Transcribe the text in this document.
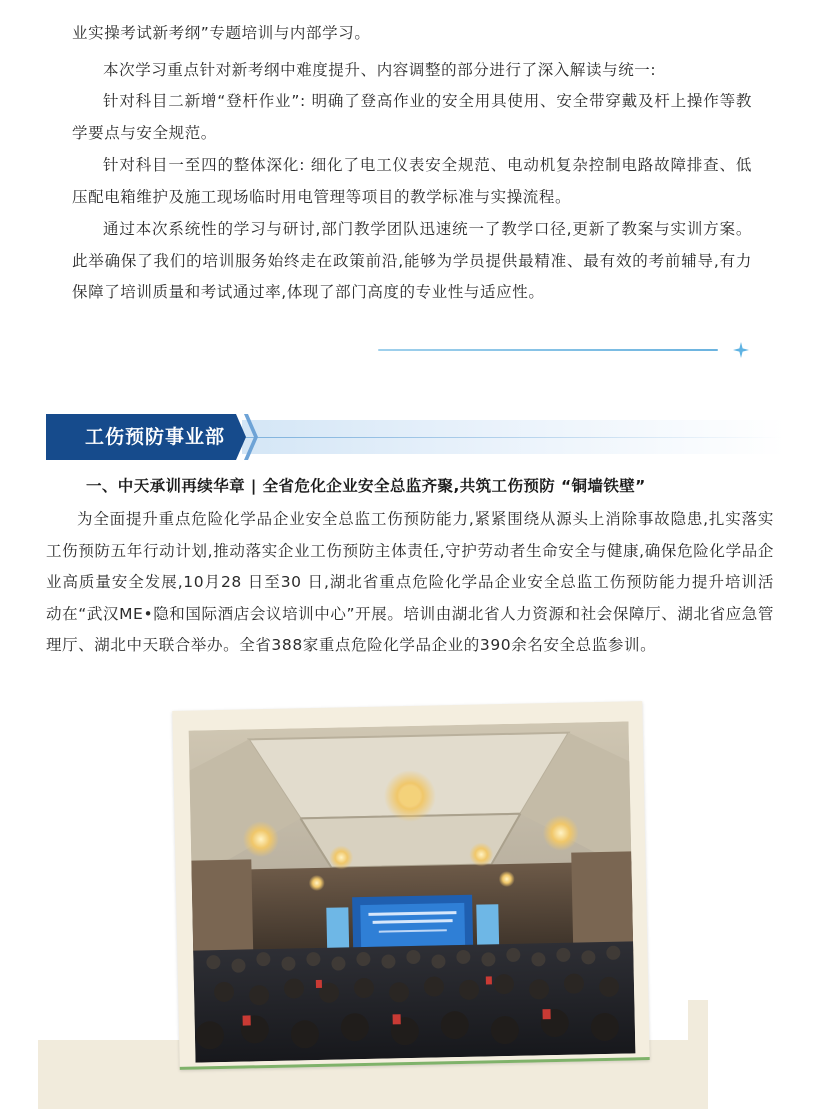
业实操考试新考纲”专题培训与内部学习。

本次学习重点针对新考纲中难度提升、内容调整的部分进行了深入解读与统一:

针对科目二新增“登杆作业”: 明确了登高作业的安全用具使用、安全带穿戴及杆上操作等教学要点与安全规范。

针对科目一至四的整体深化: 细化了电工仪表安全规范、电动机复杂控制电路故障排查、低压配电箱维护及施工现场临时用电管理等项目的教学标准与实操流程。

通过本次系统性的学习与研讨,部门教学团队迅速统一了教学口径,更新了教案与实训方案。此举确保了我们的培训服务始终走在政策前沿,能够为学员提供最精准、最有效的考前辅导,有力保障了培训质量和考试通过率,体现了部门高度的专业性与适应性。

工伤预防事业部

一、中天承训再续华章 | 全省危化企业安全总监齐聚,共筑工伤预防 “铜墙铁壁”

为全面提升重点危险化学品企业安全总监工伤预防能力,紧紧围绕从源头上消除事故隐患,扎实落实工伤预防五年行动计划,推动落实企业工伤预防主体责任,守护劳动者生命安全与健康,确保危险化学品企业高质量安全发展,10月28 日至30 日,湖北省重点危险化学品企业安全总监工伤预防能力提升培训活动在“武汉ME•隐和国际酒店会议培训中心”开展。培训由湖北省人力资源和社会保障厅、湖北省应急管理厅、湖北中天联合举办。全省388家重点危险化学品企业的390余名安全总监参训。
